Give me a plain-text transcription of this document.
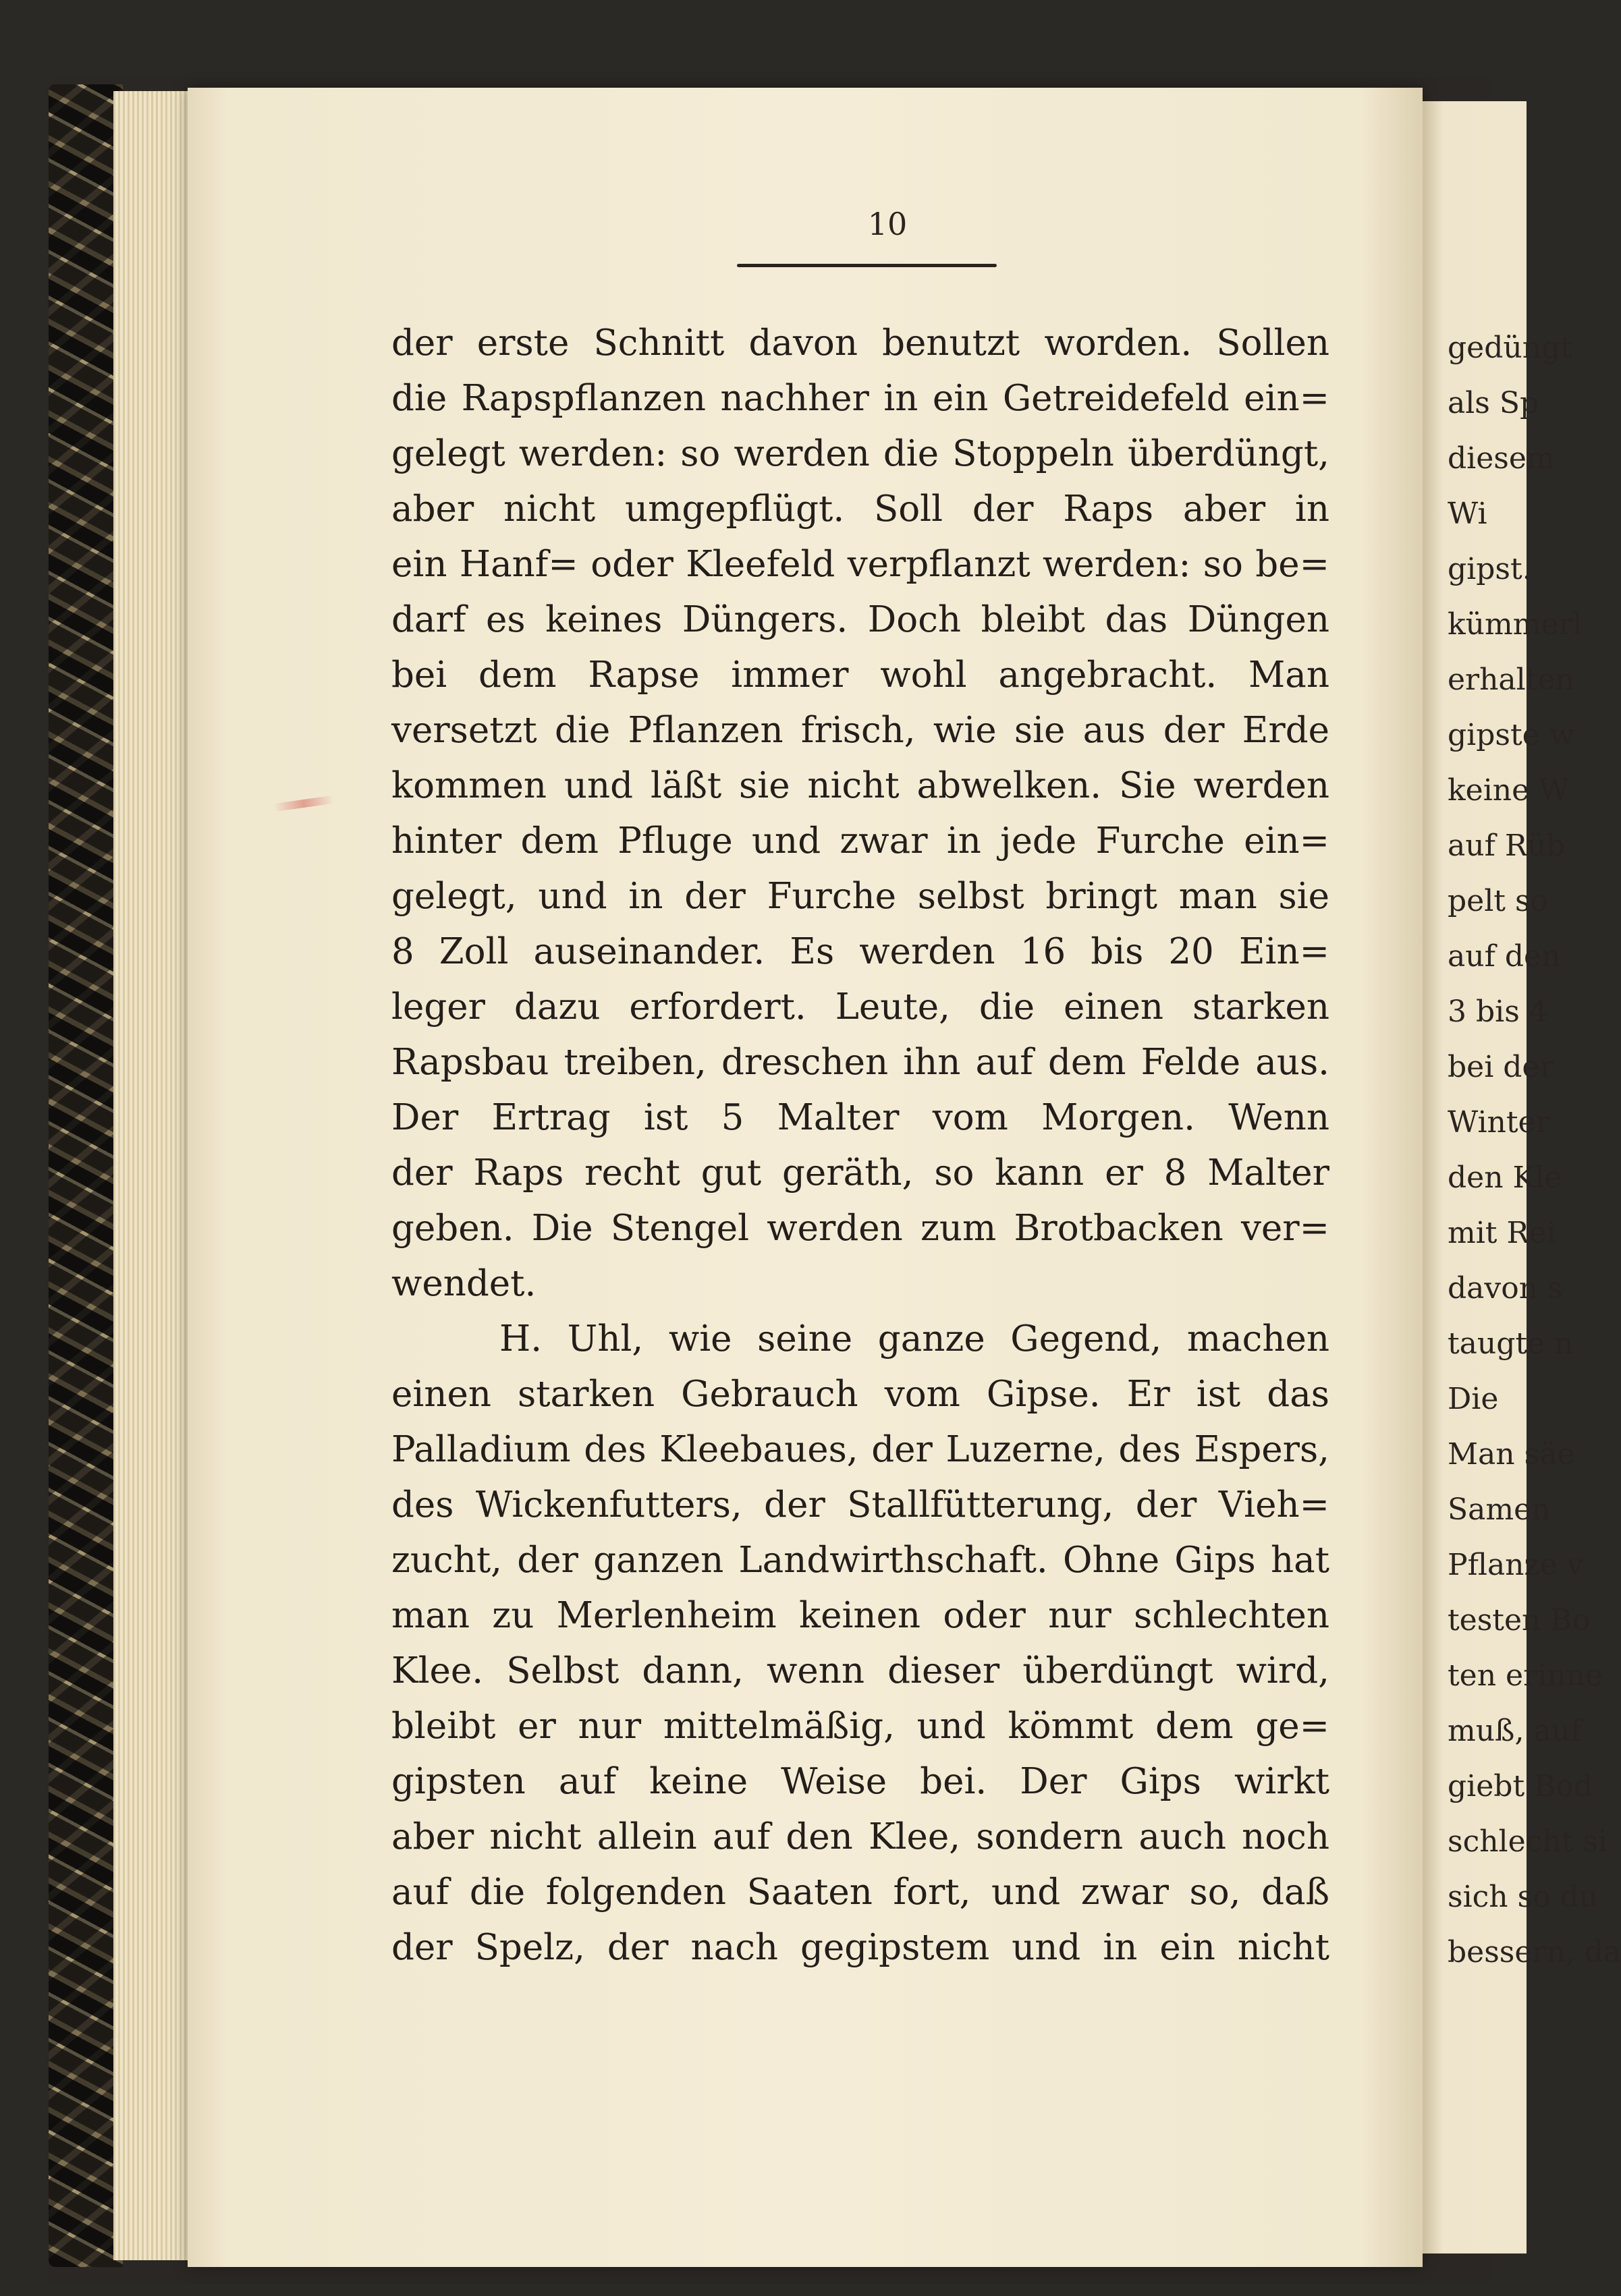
10
der erste Schnitt davon benutzt worden. Sollen
die Rapspflanzen nachher in ein Getreidefeld ein=
gelegt werden: so werden die Stoppeln überdüngt,
aber nicht umgepflügt. Soll der Raps aber in
ein Hanf= oder Kleefeld verpflanzt werden: so be=
darf es keines Düngers. Doch bleibt das Düngen
bei dem Rapse immer wohl angebracht. Man
versetzt die Pflanzen frisch, wie sie aus der Erde
kommen und läßt sie nicht abwelken. Sie werden
hinter dem Pfluge und zwar in jede Furche ein=
gelegt, und in der Furche selbst bringt man sie
8 Zoll auseinander. Es werden 16 bis 20 Ein=
leger dazu erfordert. Leute, die einen starken
Rapsbau treiben, dreschen ihn auf dem Felde aus.
Der Ertrag ist 5 Malter vom Morgen. Wenn
der Raps recht gut geräth, so kann er 8 Malter
geben. Die Stengel werden zum Brotbacken ver=
wendet.
H. Uhl, wie seine ganze Gegend, machen
einen starken Gebrauch vom Gipse. Er ist das
Palladium des Kleebaues, der Luzerne, des Espers,
des Wickenfutters, der Stallfütterung, der Vieh=
zucht, der ganzen Landwirthschaft. Ohne Gips hat
man zu Merlenheim keinen oder nur schlechten
Klee. Selbst dann, wenn dieser überdüngt wird,
bleibt er nur mittelmäßig, und kömmt dem ge=
gipsten auf keine Weise bei. Der Gips wirkt
aber nicht allein auf den Klee, sondern auch noch
auf die folgenden Saaten fort, und zwar so, daß
der Spelz, der nach gegipstem und in ein nicht
gedüngt
als Sp
diesem
Wi
gipst.
kümmerl
erhalten
gipste w
keine W
auf Rüb
pelt so
auf den
3 bis 4
bei der
Winter
den Kle
mit Rei
davon s
taugte n
Die
Man säe
Samen
Pflanze v
testen Bo
ten erinne
muß, auf
giebt Bod
schlecht si
sich so du
bessern, da
